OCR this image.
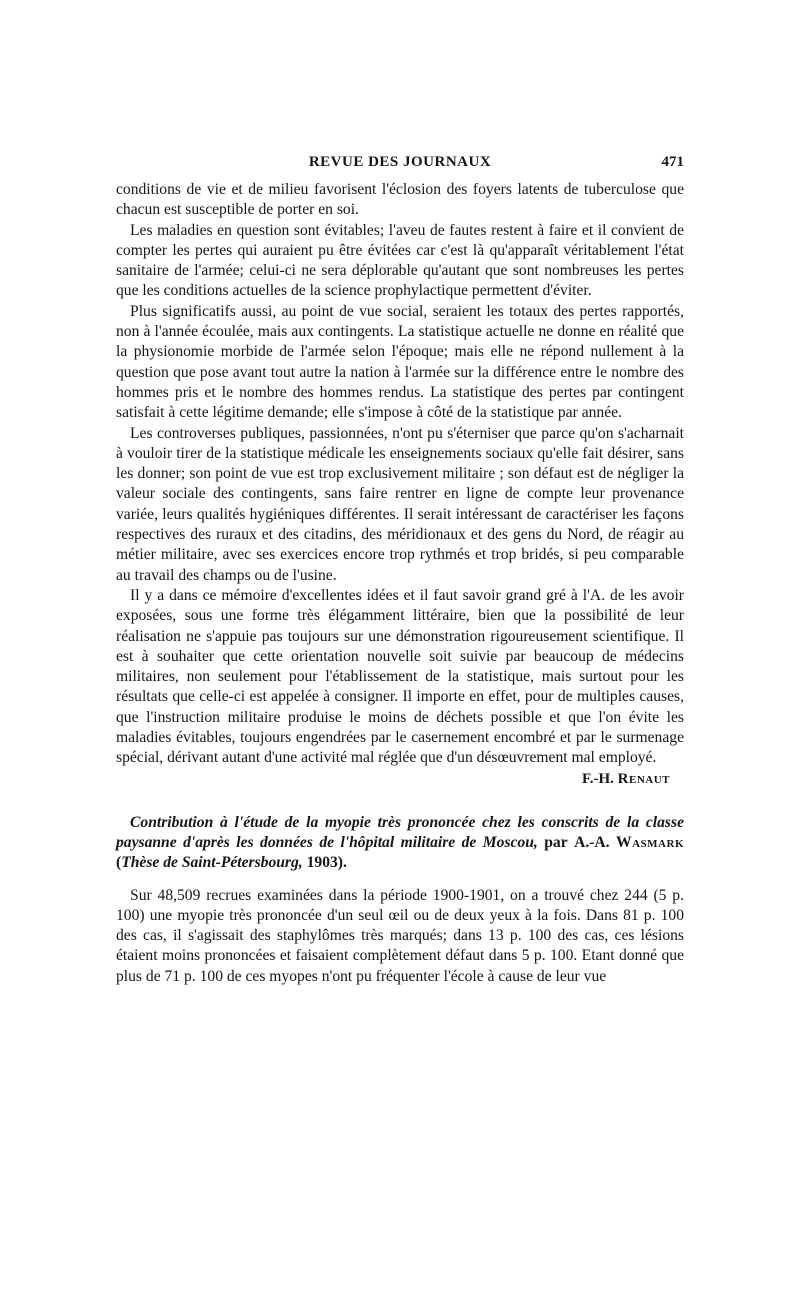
REVUE DES JOURNAUX	471

conditions de vie et de milieu favorisent l'éclosion des foyers latents de tuberculose que chacun est susceptible de porter en soi.

Les maladies en question sont évitables; l'aveu de fautes restent à faire et il convient de compter les pertes qui auraient pu être évitées car c'est là qu'apparaît véritablement l'état sanitaire de l'armée; celui-ci ne sera déplorable qu'autant que sont nombreuses les pertes que les conditions actuelles de la science prophylactique permettent d'éviter.

Plus significatifs aussi, au point de vue social, seraient les totaux des pertes rapportés, non à l'année écoulée, mais aux contingents. La statistique actuelle ne donne en réalité que la physionomie morbide de l'armée selon l'époque; mais elle ne répond nullement à la question que pose avant tout autre la nation à l'armée sur la différence entre le nombre des hommes pris et le nombre des hommes rendus. La statistique des pertes par contingent satisfait à cette légitime demande; elle s'impose à côté de la statistique par année.

Les controverses publiques, passionnées, n'ont pu s'éterniser que parce qu'on s'acharnait à vouloir tirer de la statistique médicale les enseignements sociaux qu'elle fait désirer, sans les donner; son point de vue est trop exclusivement militaire ; son défaut est de négliger la valeur sociale des contingents, sans faire rentrer en ligne de compte leur provenance variée, leurs qualités hygiéniques différentes. Il serait intéressant de caractériser les façons respectives des ruraux et des citadins, des méridionaux et des gens du Nord, de réagir au métier militaire, avec ses exercices encore trop rythmés et trop bridés, si peu comparable au travail des champs ou de l'usine.

Il y a dans ce mémoire d'excellentes idées et il faut savoir grand gré à l'A. de les avoir exposées, sous une forme très élégamment littéraire, bien que la possibilité de leur réalisation ne s'appuie pas toujours sur une démonstration rigoureusement scientifique. Il est à souhaiter que cette orientation nouvelle soit suivie par beaucoup de médecins militaires, non seulement pour l'établissement de la statistique, mais surtout pour les résultats que celle-ci est appelée à consigner. Il importe en effet, pour de multiples causes, que l'instruction militaire produise le moins de déchets possible et que l'on évite les maladies évitables, toujours engendrées par le casernement encombré et par le surmenage spécial, dérivant autant d'une activité mal réglée que d'un désœuvrement mal employé.

F.-H. Renaut

Contribution à l'étude de la myopie très prononcée chez les conscrits de la classe paysanne d'après les données de l'hôpital militaire de Moscou, par A.-A. Wasmark (Thèse de Saint-Pétersbourg, 1903).

Sur 48,509 recrues examinées dans la période 1900-1901, on a trouvé chez 244 (5 p. 100) une myopie très prononcée d'un seul œil ou de deux yeux à la fois. Dans 81 p. 100 des cas, il s'agissait des staphylômes très marqués; dans 13 p. 100 des cas, ces lésions étaient moins prononcées et faisaient complètement défaut dans 5 p. 100. Etant donné que plus de 71 p. 100 de ces myopes n'ont pu fréquenter l'école à cause de leur vue
